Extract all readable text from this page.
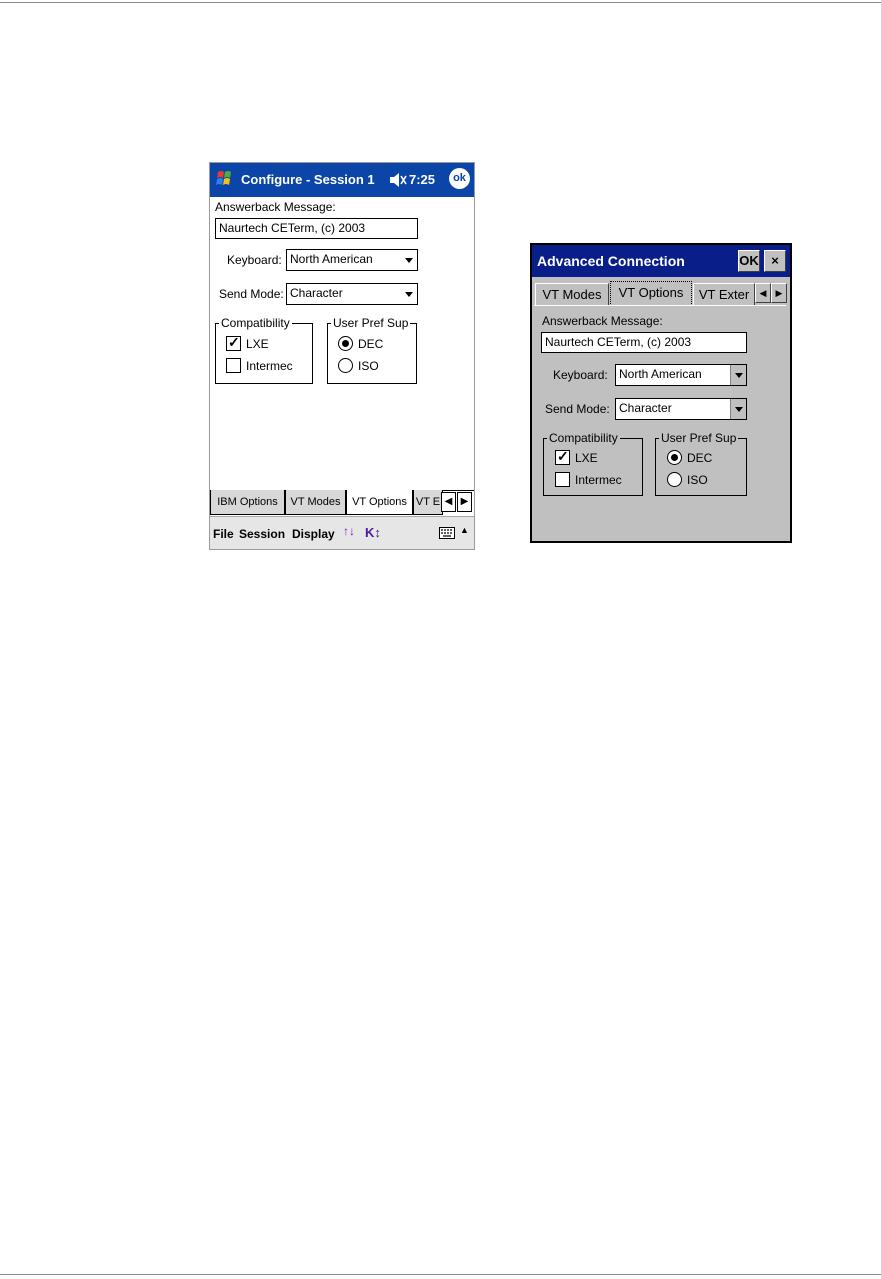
Configure - Session 1	7:25	ok
Answerback Message:
Naurtech CETerm, (c) 2003
Keyboard: North American
Send Mode: Character
Compatibility
✓ LXE
Intermec
User Pref Sup
DEC
ISO
IBM Options	VT Modes	VT Options VT E ◀ ▶
File Session Display ↑↓ K↕	▲
Advanced Connection	OK ×
VT Modes	VT Options	VT Exter	◀	▶
Answerback Message:
Naurtech CETerm, (c) 2003
Keyboard: North American
Send Mode: Character
Compatibility
✓ LXE
Intermec
User Pref Sup
DEC
ISO
